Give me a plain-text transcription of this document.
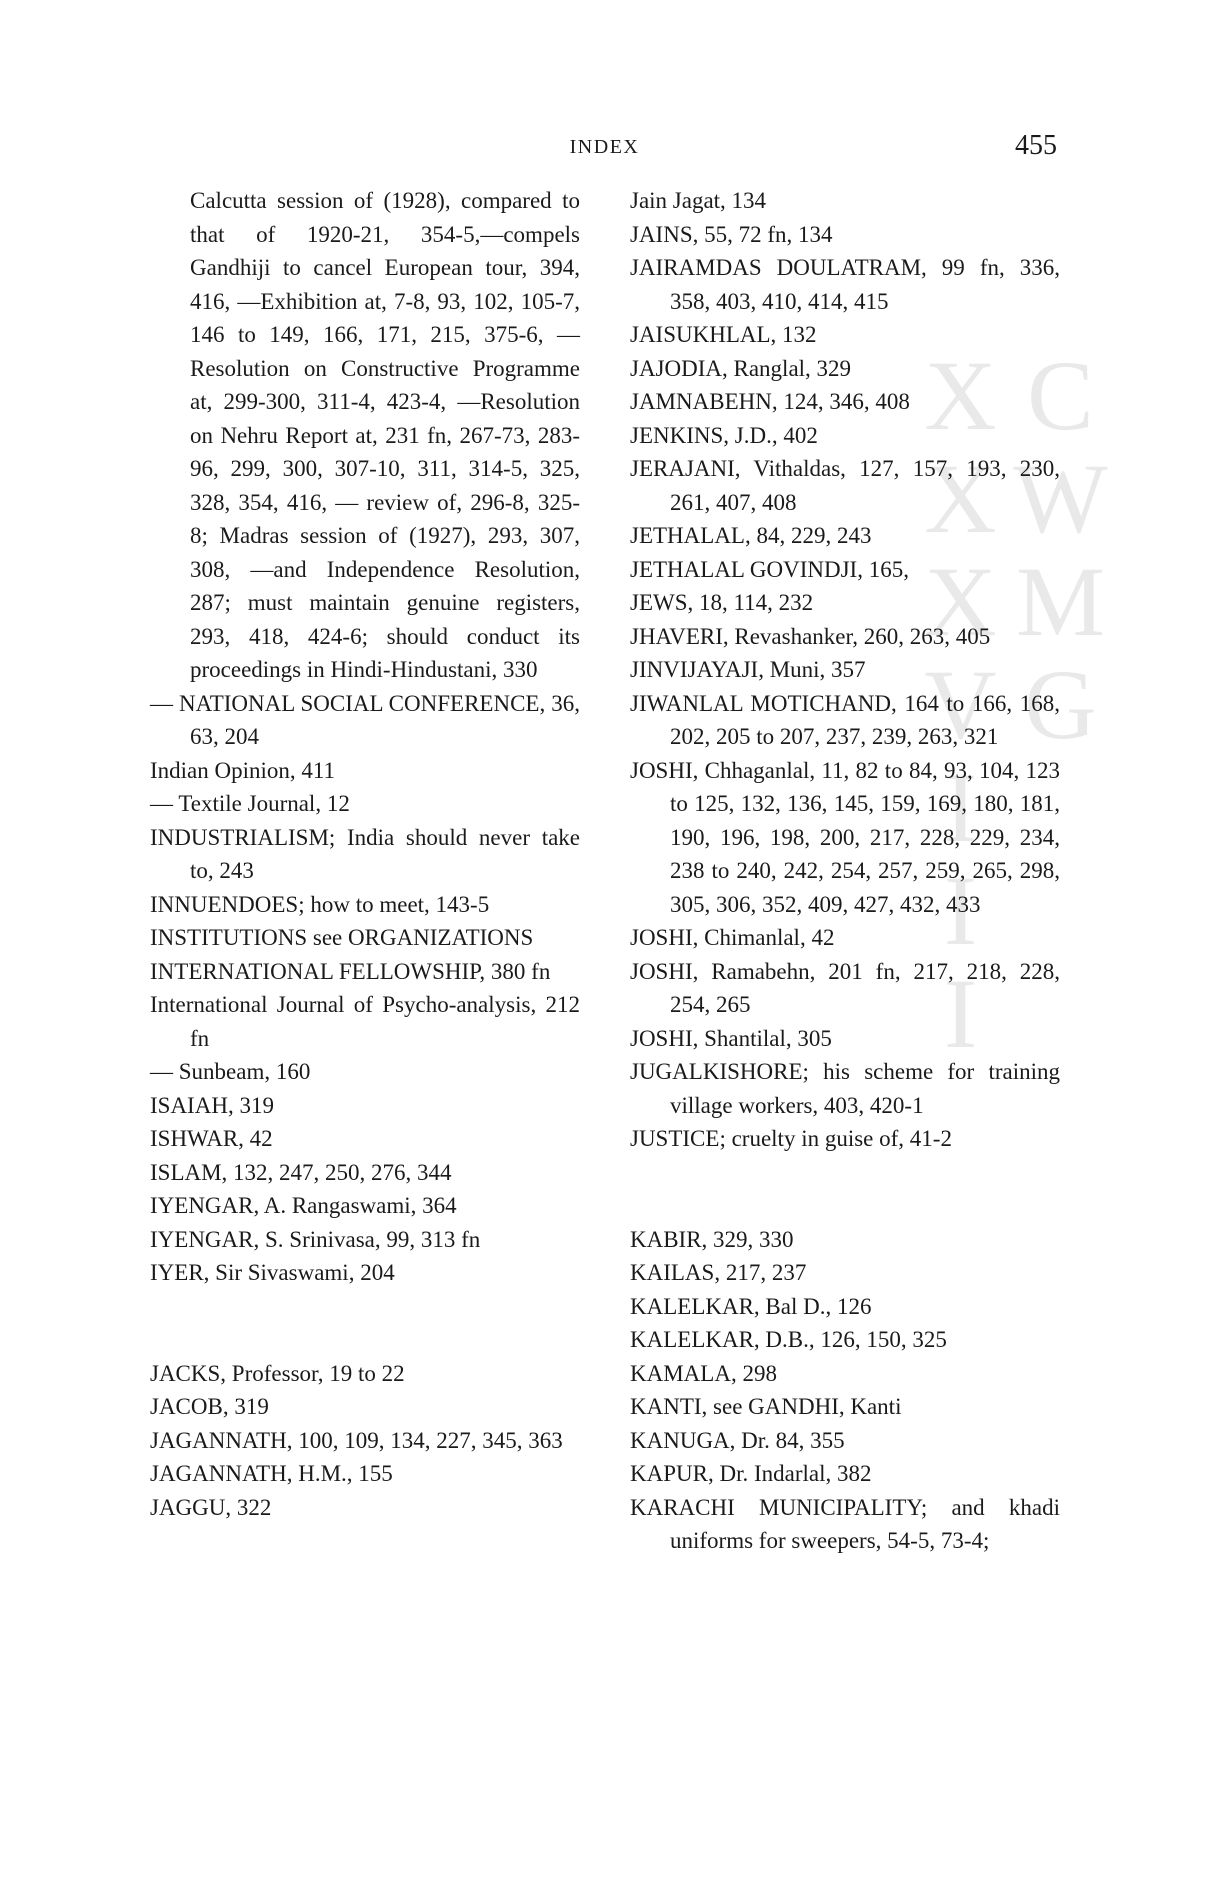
INDEX	455
CWMG XXXVIII
Calcutta session of (1928), compared to that of 1920-21, 354-5,—compels Gandhiji to cancel European tour, 394, 416, —Exhibition at, 7-8, 93, 102, 105-7, 146 to 149, 166, 171, 215, 375-6, —Resolution on Constructive Programme at, 299-300, 311-4, 423-4, —Resolution on Nehru Report at, 231 fn, 267-73, 283-96, 299, 300, 307-10, 311, 314-5, 325, 328, 354, 416, — review of, 296-8, 325-8; Madras session of (1927), 293, 307, 308, —and Independence Resolution, 287; must maintain genuine registers, 293, 418, 424-6; should conduct its proceedings in Hindi-Hindustani, 330
— NATIONAL SOCIAL CONFERENCE, 36, 63, 204
Indian Opinion, 411
— Textile Journal, 12
INDUSTRIALISM; India should never take to, 243
INNUENDOES; how to meet, 143-5
INSTITUTIONS see ORGANIZATIONS
INTERNATIONAL FELLOWSHIP, 380 fn
International Journal of Psycho-analysis, 212 fn
— Sunbeam, 160
ISAIAH, 319
ISHWAR, 42
ISLAM, 132, 247, 250, 276, 344
IYENGAR, A. Rangaswami, 364
IYENGAR, S. Srinivasa, 99, 313 fn
IYER, Sir Sivaswami, 204
JACKS, Professor, 19 to 22
JACOB, 319
JAGANNATH, 100, 109, 134, 227, 345, 363
JAGANNATH, H.M., 155
JAGGU, 322
Jain Jagat, 134
JAINS, 55, 72 fn, 134
JAIRAMDAS DOULATRAM, 99 fn, 336, 358, 403, 410, 414, 415
JAISUKHLAL, 132
JAJODIA, Ranglal, 329
JAMNABEHN, 124, 346, 408
JENKINS, J.D., 402
JERAJANI, Vithaldas, 127, 157, 193, 230, 261, 407, 408
JETHALAL, 84, 229, 243
JETHALAL GOVINDJI, 165,
JEWS, 18, 114, 232
JHAVERI, Revashanker, 260, 263, 405
JINVIJAYAJI, Muni, 357
JIWANLAL MOTICHAND, 164 to 166, 168, 202, 205 to 207, 237, 239, 263, 321
JOSHI, Chhaganlal, 11, 82 to 84, 93, 104, 123 to 125, 132, 136, 145, 159, 169, 180, 181, 190, 196, 198, 200, 217, 228, 229, 234, 238 to 240, 242, 254, 257, 259, 265, 298, 305, 306, 352, 409, 427, 432, 433
JOSHI, Chimanlal, 42
JOSHI, Ramabehn, 201 fn, 217, 218, 228, 254, 265
JOSHI, Shantilal, 305
JUGALKISHORE; his scheme for training village workers, 403, 420-1
JUSTICE; cruelty in guise of, 41-2
KABIR, 329, 330
KAILAS, 217, 237
KALELKAR, Bal D., 126
KALELKAR, D.B., 126, 150, 325
KAMALA, 298
KANTI, see GANDHI, Kanti
KANUGA, Dr. 84, 355
KAPUR, Dr. Indarlal, 382
KARACHI MUNICIPALITY; and khadi uniforms for sweepers, 54-5, 73-4;
